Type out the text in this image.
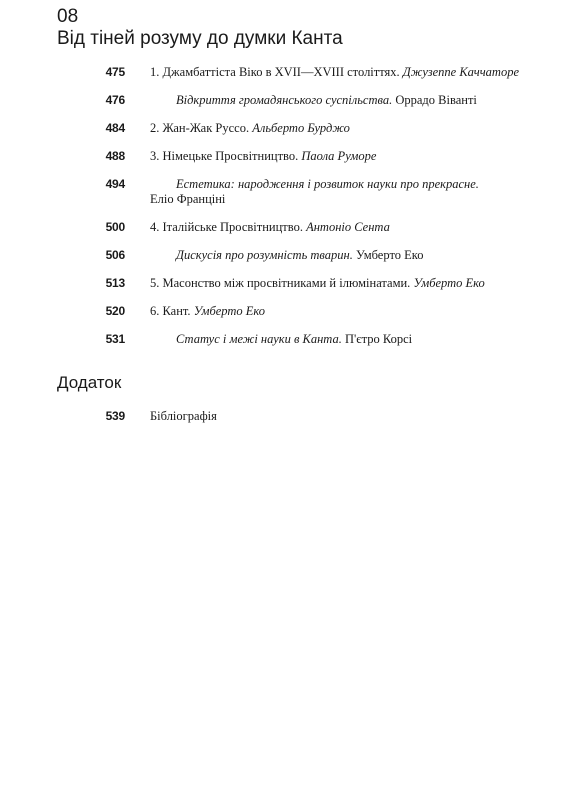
08
Від тіней розуму до думки Канта
475 1. Джамбаттіста Віко в XVII—XVIII століттях. Джузеппе Каччаторе
476	Відкриття громадянського суспільства. Оррадо Віванті
484 2. Жан-Жак Руссо. Альберто Бурджо
488 3. Німецьке Просвітництво. Паола Руморе
494	Естетика: народження і розвиток науки про прекрасне.
Еліо Франціні
500 4. Італійське Просвітництво. Антоніо Сента
506	Дискусія про розумність тварин. Умберто Еко
513 5. Масонство між просвітниками й ілюмінатами. Умберто Еко
520 6. Кант. Умберто Еко
531	Статус і межі науки в Канта. П'єтро Корсі
Додаток
539 Бібліографія
